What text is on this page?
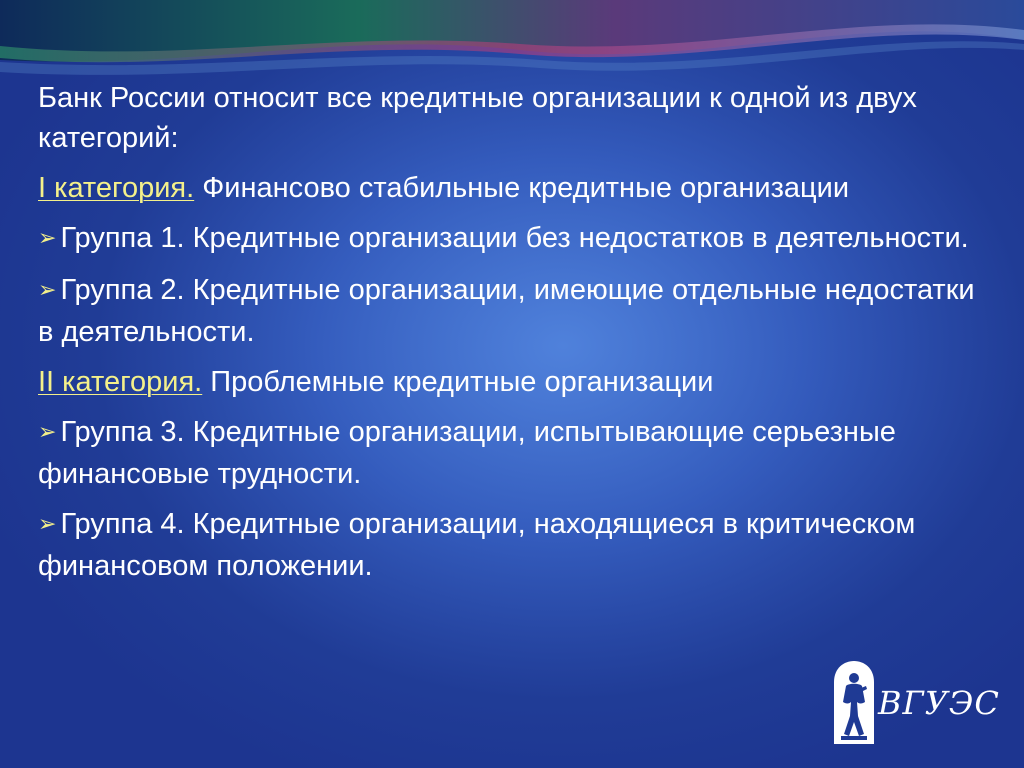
Банк России относит все кредитные организации к одной из двух категорий:

I категория. Финансово стабильные кредитные организации

➢ Группа 1. Кредитные организации без недостатков в деятельности.

➢ Группа 2. Кредитные организации, имеющие отдельные недостатки в деятельности.

II категория. Проблемные кредитные организации

➢ Группа 3. Кредитные организации, испытывающие серьезные финансовые трудности.

➢ Группа 4. Кредитные организации, находящиеся в критическом финансовом положении.

ВГУЭС
